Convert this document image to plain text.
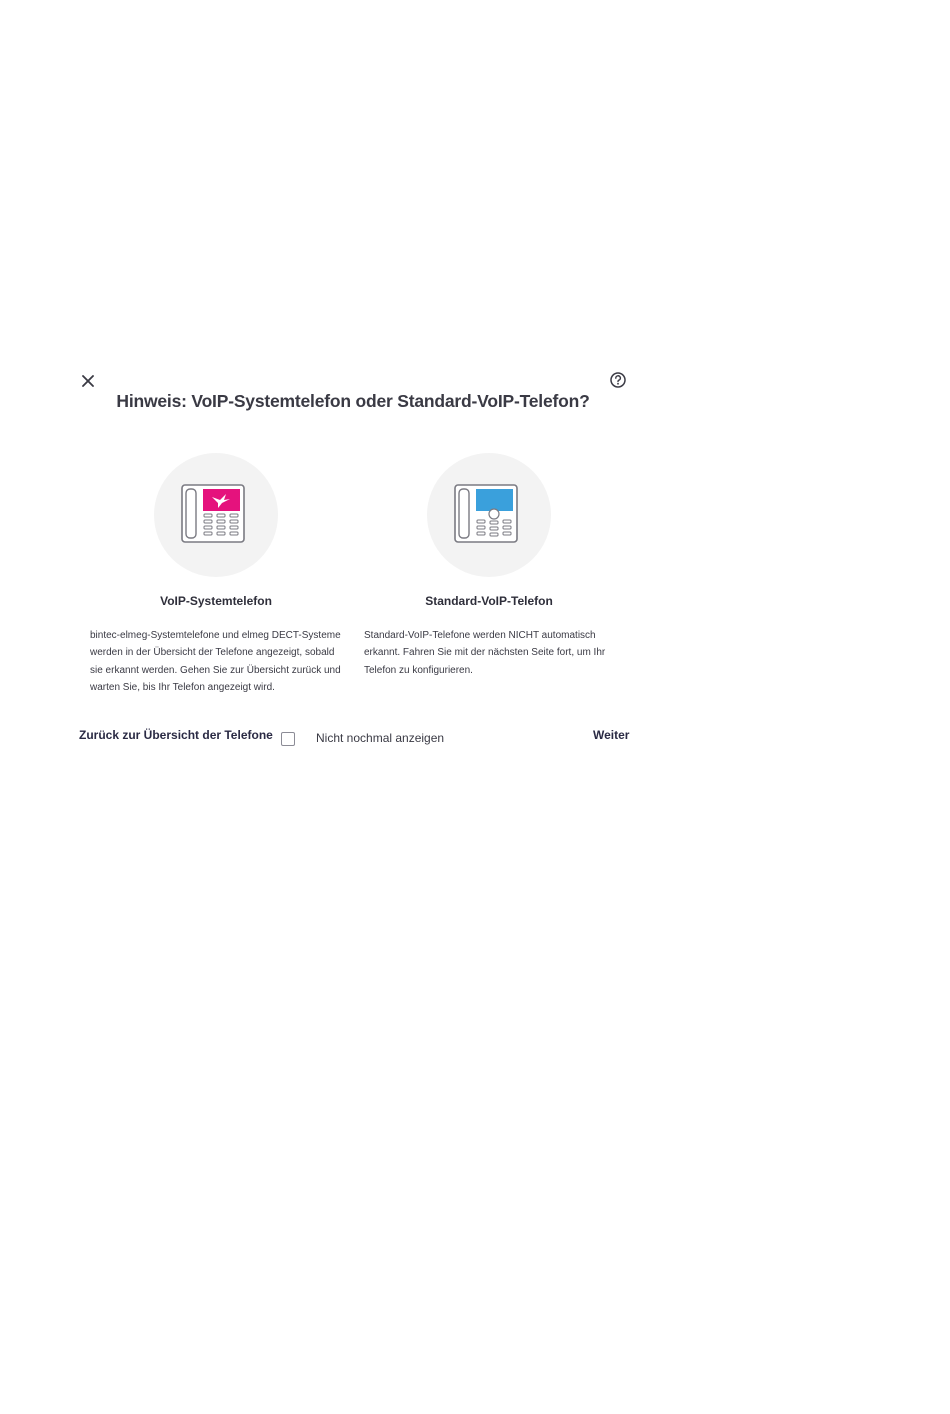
Hinweis: VoIP-Systemtelefon oder Standard-VoIP-Telefon?
VoIP-Systemtelefon
bintec-elmeg-Systemtelefone und elmeg DECT-Systeme werden in der Übersicht der Telefone angezeigt, sobald sie erkannt werden. Gehen Sie zur Übersicht zurück und warten Sie, bis Ihr Telefon angezeigt wird.
Standard-VoIP-Telefon
Standard-VoIP-Telefone werden NICHT automatisch erkannt. Fahren Sie mit der nächsten Seite fort, um Ihr Telefon zu konfigurieren.
Zurück zur Übersicht der Telefone	Nicht nochmal anzeigen	Weiter
